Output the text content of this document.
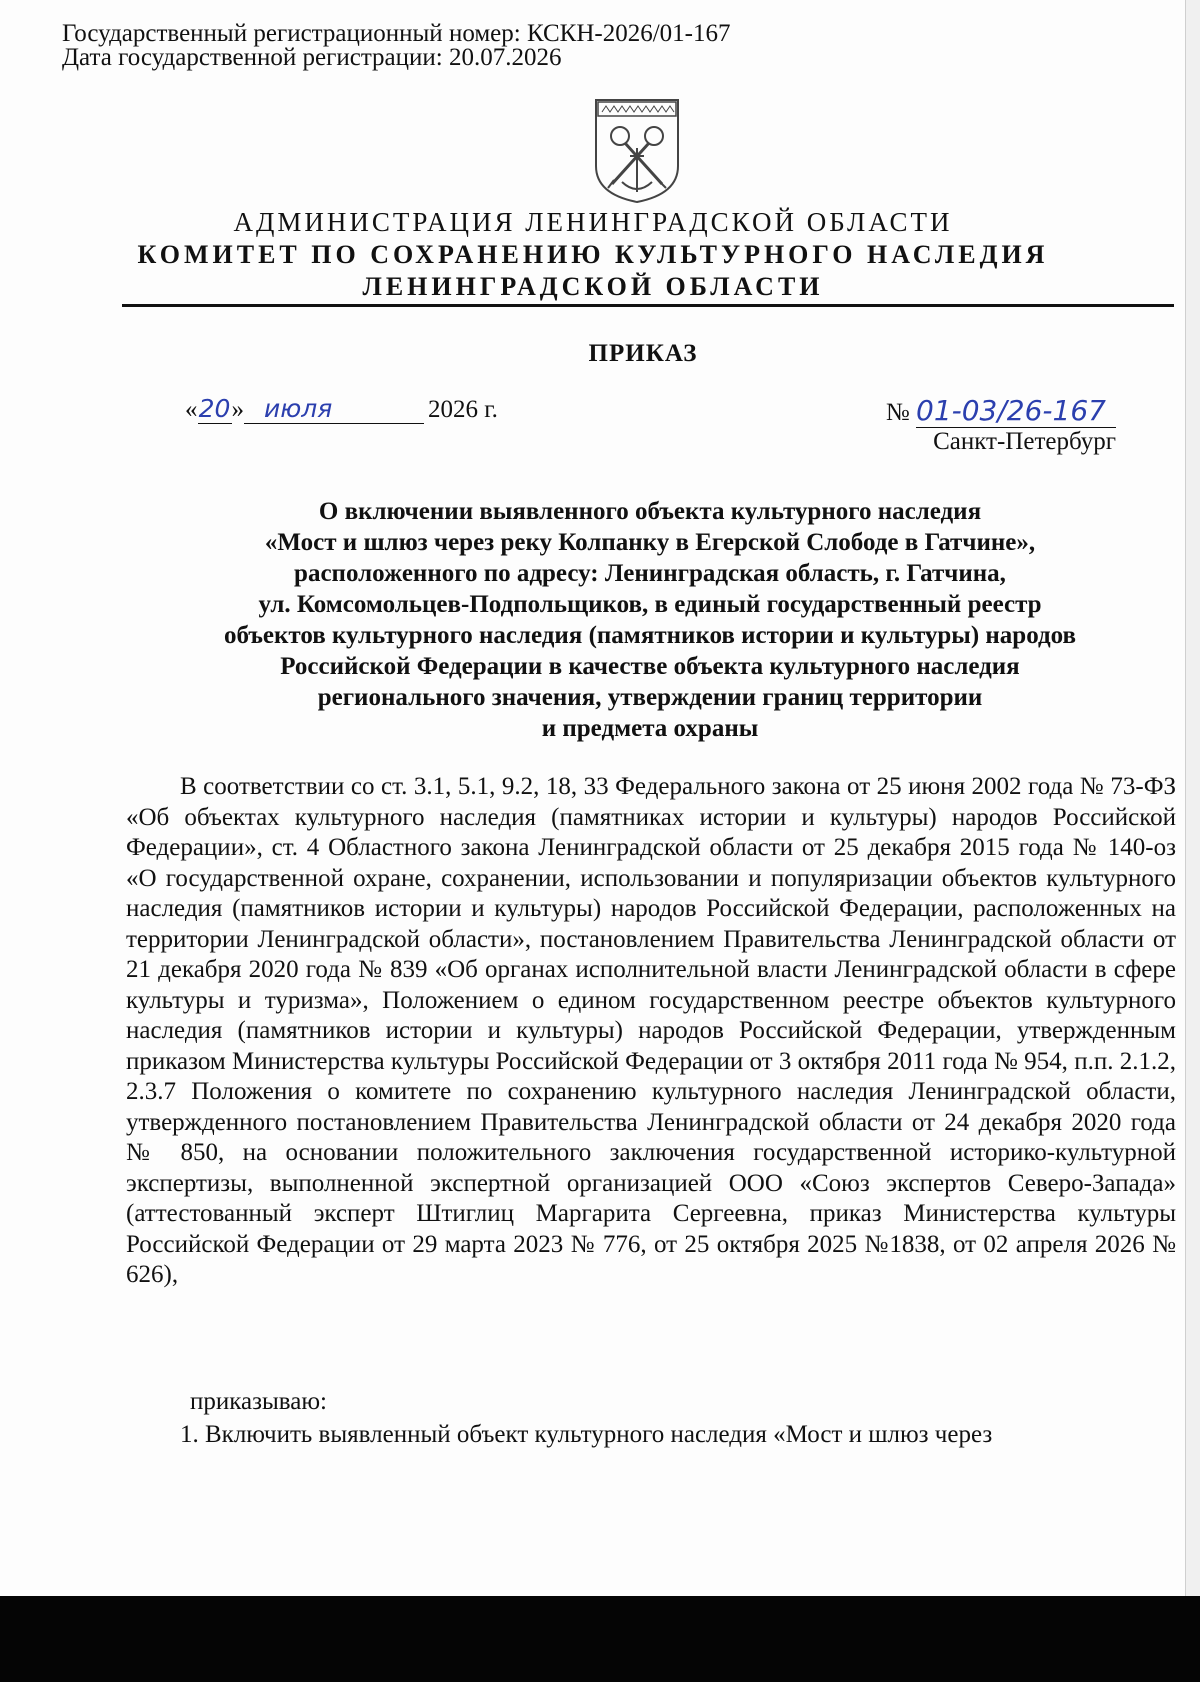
Государственный регистрационный номер: КСКН-2026/01-167
Дата государственной регистрации: 20.07.2026
АДМИНИСТРАЦИЯ ЛЕНИНГРАДСКОЙ ОБЛАСТИ
КОМИТЕТ ПО СОХРАНЕНИЮ КУЛЬТУРНОГО НАСЛЕДИЯ
ЛЕНИНГРАДСКОЙ ОБЛАСТИ
ПРИКАЗ
«20» июля	2026 г.	№ 01-03/26-167
Санкт-Петербург
О включении выявленного объекта культурного наследия
«Мост и шлюз через реку Колпанку в Егерской Слободе в Гатчине»,
расположенного по адресу: Ленинградская область, г. Гатчина,
ул. Комсомольцев-Подпольщиков, в единый государственный реестр
объектов культурного наследия (памятников истории и культуры) народов
Российской Федерации в качестве объекта культурного наследия
регионального значения, утверждении границ территории
и предмета охраны
В соответствии со ст. 3.1, 5.1, 9.2, 18, 33 Федерального закона от 25 июня 2002 года № 73-ФЗ «Об объектах культурного наследия (памятниках истории и культуры) народов Российской Федерации», ст. 4 Областного закона Ленинградской области от 25 декабря 2015 года № 140-оз «О государственной охране, сохранении, использовании и популяризации объектов культурного наследия (памятников истории и культуры) народов Российской Федерации, расположенных на территории Ленинградской области», постановлением Правительства Ленинградской области от 21 декабря 2020 года № 839 «Об органах исполнительной власти Ленинградской области в сфере культуры и туризма», Положением о едином государственном реестре объектов культурного наследия (памятников истории и культуры) народов Российской Федерации, утвержденным приказом Министерства культуры Российской Федерации от 3 октября 2011 года № 954, п.п. 2.1.2, 2.3.7 Положения о комитете по сохранению культурного наследия Ленинградской области, утвержденного постановлением Правительства Ленинградской области от 24 декабря 2020 года № 850, на основании положительного заключения государственной историко-культурной экспертизы, выполненной экспертной организацией ООО «Союз экспертов Северо-Запада» (аттестованный эксперт Штиглиц Маргарита Сергеевна, приказ Министерства культуры Российской Федерации от 29 марта 2023 № 776, от 25 октября 2025 №1838, от 02 апреля 2026 № 626),
приказываю:
1. Включить выявленный объект культурного наследия «Мост и шлюз через
